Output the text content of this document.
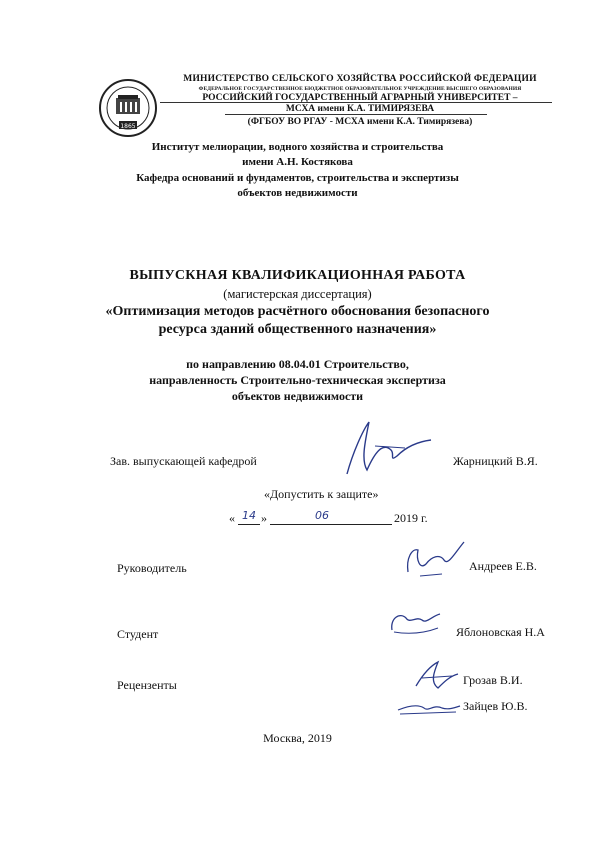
1865
МИНИСТЕРСТВО СЕЛЬСКОГО ХОЗЯЙСТВА РОССИЙСКОЙ ФЕДЕРАЦИИ
ФЕДЕРАЛЬНОЕ ГОСУДАРСТВЕННОЕ БЮДЖЕТНОЕ ОБРАЗОВАТЕЛЬНОЕ УЧРЕЖДЕНИЕ ВЫСШЕГО ОБРАЗОВАНИЯ
РОССИЙСКИЙ ГОСУДАРСТВЕННЫЙ АГРАРНЫЙ УНИВЕРСИТЕТ –
МСХА имени К.А. ТИМИРЯЗЕВА
(ФГБОУ ВО РГАУ - МСХА имени К.А. Тимирязева)
Институт мелиорации, водного хозяйства и строительства
имени А.Н. Костякова
Кафедра оснований и фундаментов, строительства и экспертизы
объектов недвижимости
ВЫПУСКНАЯ КВАЛИФИКАЦИОННАЯ РАБОТА
(магистерская диссертация)
«Оптимизация методов расчётного обоснования безопасного
ресурса зданий общественного назначения»
по направлению 08.04.01 Строительство,
направленность Строительно-техническая экспертиза
объектов недвижимости
Зав. выпускающей кафедрой	Жарницкий В.Я.
«Допустить к защите»
« 14 »	06	2019 г.
Руководитель	Андреев Е.В.
Студент	Яблоновская Н.А
Рецензенты	Грозав В.И.
Зайцев Ю.В.
Москва, 2019
